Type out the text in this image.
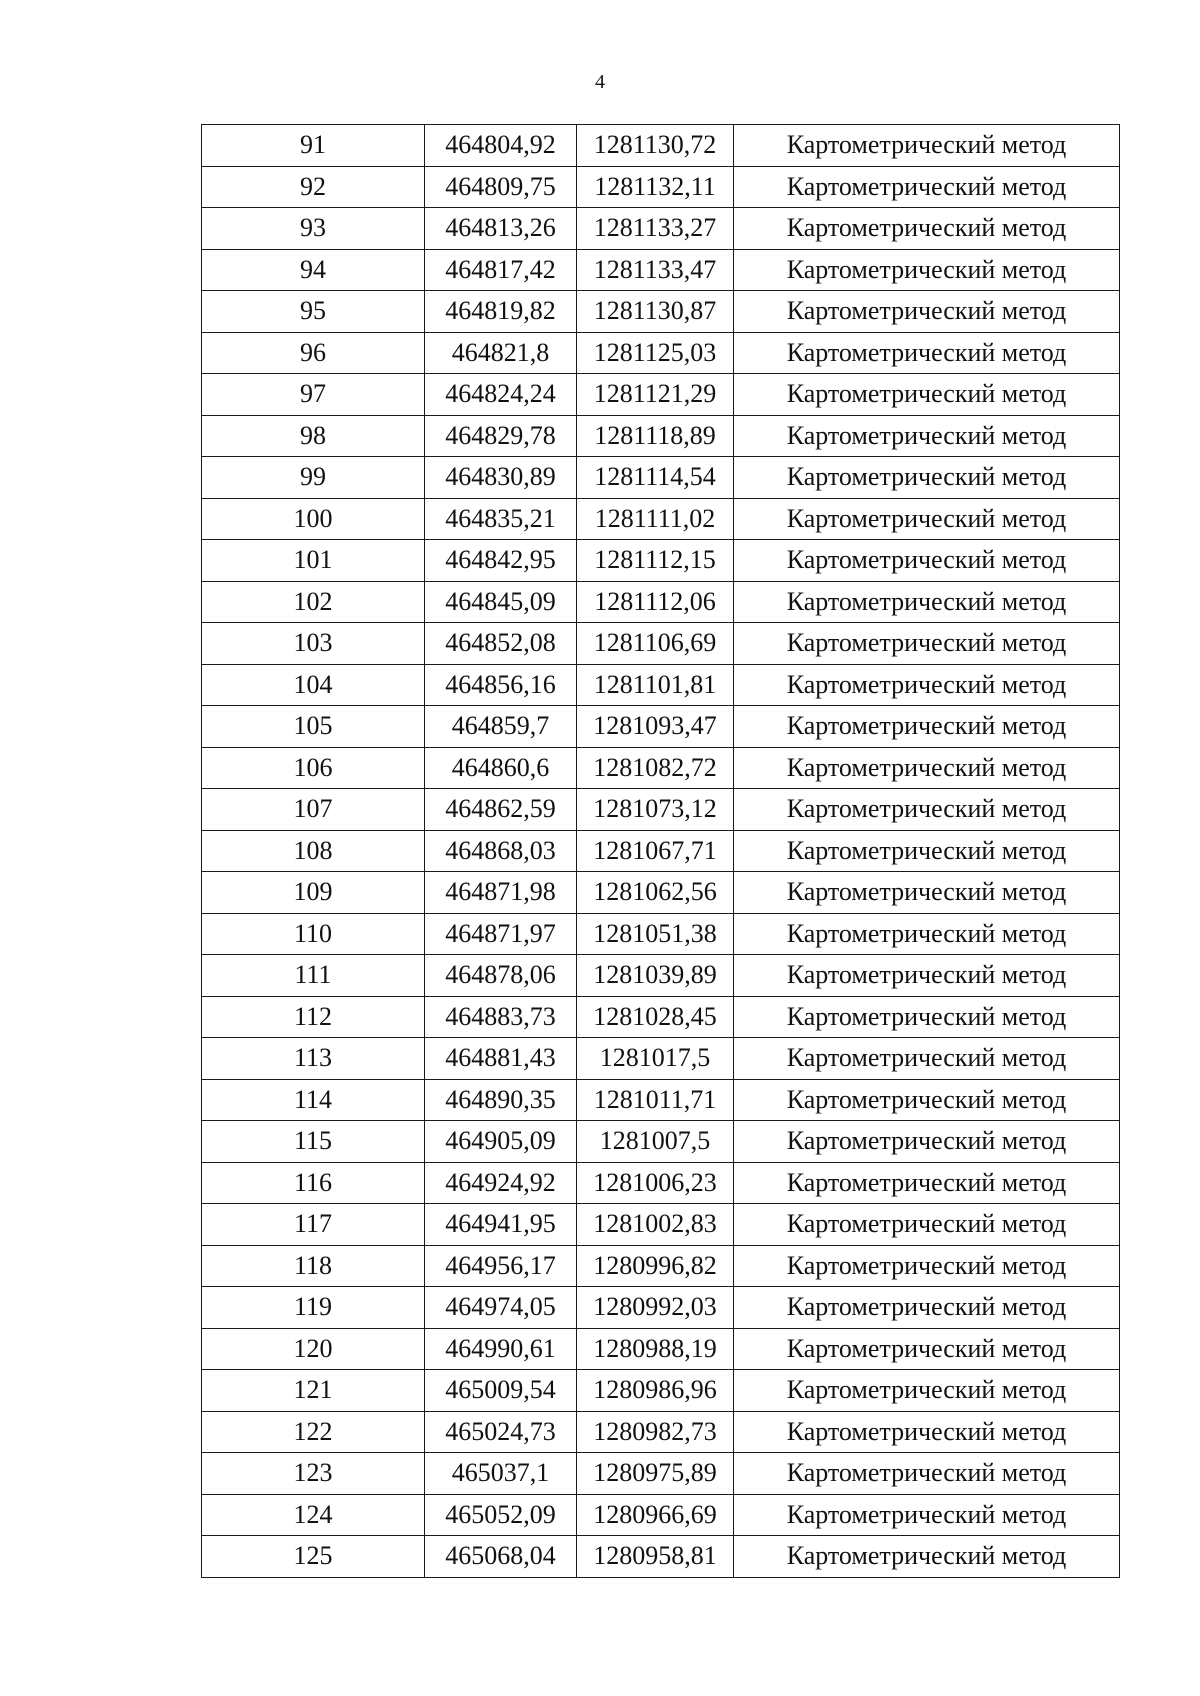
4
91	464804,92	1281130,72	Картометрический метод
92	464809,75	1281132,11	Картометрический метод
93	464813,26	1281133,27	Картометрический метод
94	464817,42	1281133,47	Картометрический метод
95	464819,82	1281130,87	Картометрический метод
96	464821,8	1281125,03	Картометрический метод
97	464824,24	1281121,29	Картометрический метод
98	464829,78	1281118,89	Картометрический метод
99	464830,89	1281114,54	Картометрический метод
100	464835,21	1281111,02	Картометрический метод
101	464842,95	1281112,15	Картометрический метод
102	464845,09	1281112,06	Картометрический метод
103	464852,08	1281106,69	Картометрический метод
104	464856,16	1281101,81	Картометрический метод
105	464859,7	1281093,47	Картометрический метод
106	464860,6	1281082,72	Картометрический метод
107	464862,59	1281073,12	Картометрический метод
108	464868,03	1281067,71	Картометрический метод
109	464871,98	1281062,56	Картометрический метод
110	464871,97	1281051,38	Картометрический метод
111	464878,06	1281039,89	Картометрический метод
112	464883,73	1281028,45	Картометрический метод
113	464881,43	1281017,5	Картометрический метод
114	464890,35	1281011,71	Картометрический метод
115	464905,09	1281007,5	Картометрический метод
116	464924,92	1281006,23	Картометрический метод
117	464941,95	1281002,83	Картометрический метод
118	464956,17	1280996,82	Картометрический метод
119	464974,05	1280992,03	Картометрический метод
120	464990,61	1280988,19	Картометрический метод
121	465009,54	1280986,96	Картометрический метод
122	465024,73	1280982,73	Картометрический метод
123	465037,1	1280975,89	Картометрический метод
124	465052,09	1280966,69	Картометрический метод
125	465068,04	1280958,81	Картометрический метод
